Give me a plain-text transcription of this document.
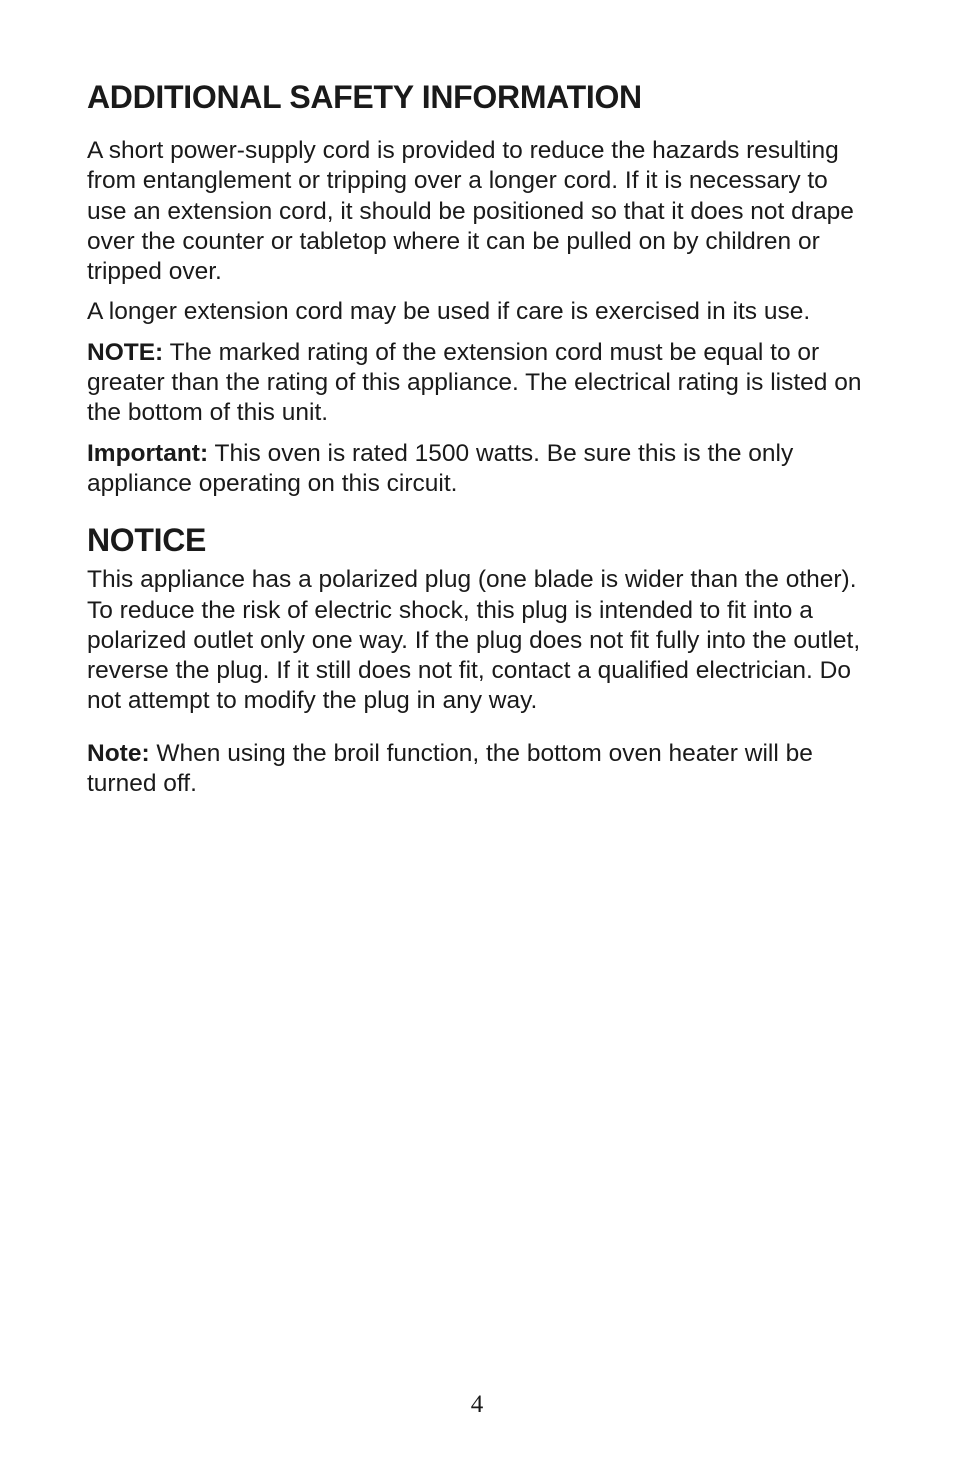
ADDITIONAL SAFETY INFORMATION

A short power-supply cord is provided to reduce the hazards resulting from entanglement or tripping over a longer cord. If it is necessary to use an extension cord, it should be positioned so that it does not drape over the counter or tabletop where it can be pulled on by children or tripped over.

A longer extension cord may be used if care is exercised in its use.

NOTE: The marked rating of the extension cord must be equal to or greater than the rating of this appliance. The electrical rating is listed on the bottom of this unit.

Important: This oven is rated 1500 watts. Be sure this is the only appliance operating on this circuit.

NOTICE

This appliance has a polarized plug (one blade is wider than the other). To reduce the risk of electric shock, this plug is intended to fit into a polarized outlet only one way. If the plug does not fit fully into the outlet, reverse the plug. If it still does not fit, contact a qualified electrician. Do not attempt to modify the plug in any way.

Note: When using the broil function, the bottom oven heater will be turned off.

4
